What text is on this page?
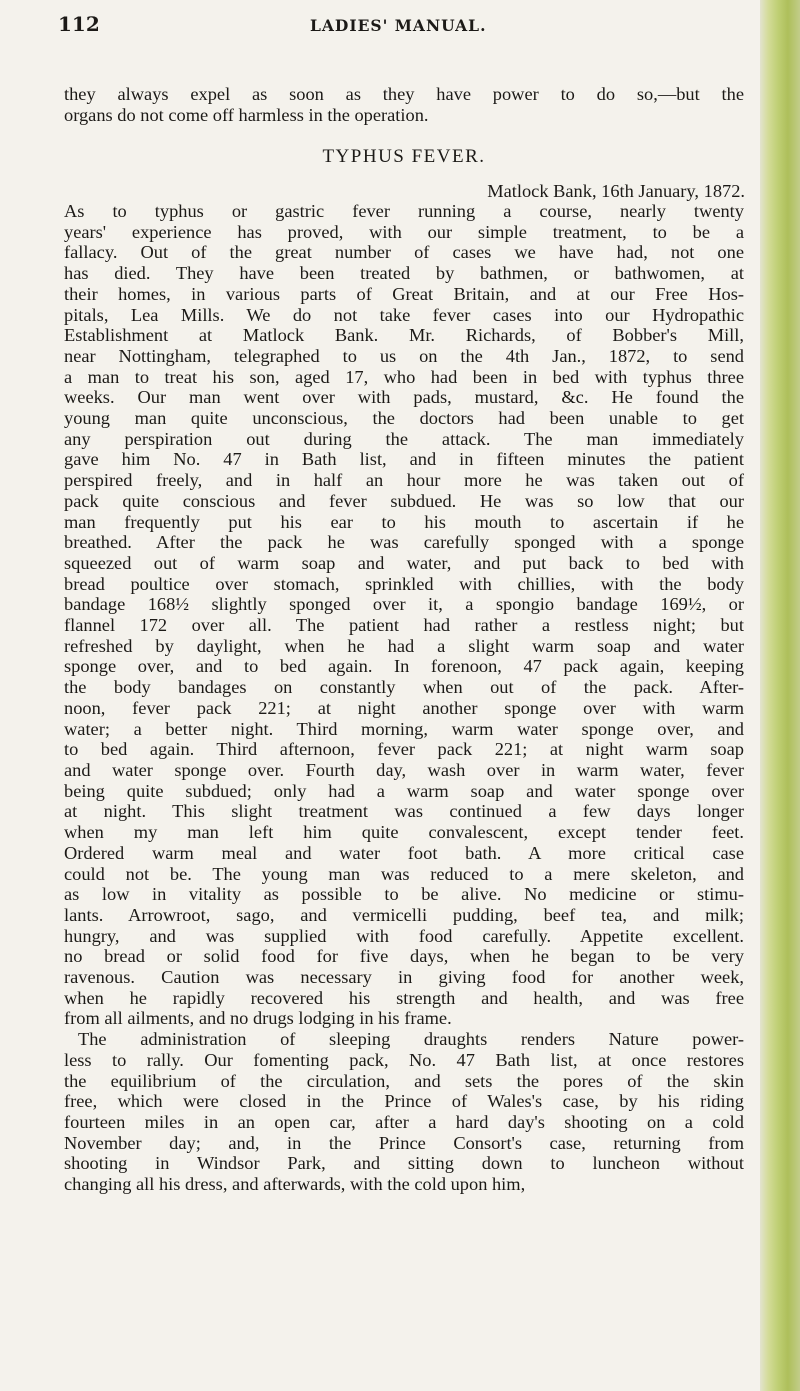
112	LADIES' MANUAL.

they always expel as soon as they have power to do so,—but the

organs do not come off harmless in the operation.

TYPHUS FEVER.
Matlock Bank, 16th January, 1872.

As to typhus or gastric fever running a course, nearly twenty

years' experience has proved, with our simple treatment, to be a

fallacy. Out of the great number of cases we have had, not one

has died. They have been treated by bathmen, or bathwomen, at

their homes, in various parts of Great Britain, and at our Free Hos-

pitals, Lea Mills. We do not take fever cases into our Hydropathic

Establishment at Matlock Bank. Mr. Richards, of Bobber's Mill,

near Nottingham, telegraphed to us on the 4th Jan., 1872, to send

a man to treat his son, aged 17, who had been in bed with typhus three

weeks. Our man went over with pads, mustard, &c. He found the

young man quite unconscious, the doctors had been unable to get

any perspiration out during the attack. The man immediately

gave him No. 47 in Bath list, and in fifteen minutes the patient

perspired freely, and in half an hour more he was taken out of

pack quite conscious and fever subdued. He was so low that our

man frequently put his ear to his mouth to ascertain if he

breathed. After the pack he was carefully sponged with a sponge

squeezed out of warm soap and water, and put back to bed with

bread poultice over stomach, sprinkled with chillies, with the body

bandage 168½ slightly sponged over it, a spongio bandage 169½, or

flannel 172 over all. The patient had rather a restless night; but

refreshed by daylight, when he had a slight warm soap and water

sponge over, and to bed again. In forenoon, 47 pack again, keeping

the body bandages on constantly when out of the pack. After-

noon, fever pack 221; at night another sponge over with warm

water; a better night. Third morning, warm water sponge over, and

to bed again. Third afternoon, fever pack 221; at night warm soap

and water sponge over. Fourth day, wash over in warm water, fever

being quite subdued; only had a warm soap and water sponge over

at night. This slight treatment was continued a few days longer

when my man left him quite convalescent, except tender feet.

Ordered warm meal and water foot bath. A more critical case

could not be. The young man was reduced to a mere skeleton, and

as low in vitality as possible to be alive. No medicine or stimu-

lants. Arrowroot, sago, and vermicelli pudding, beef tea, and milk;

hungry, and was supplied with food carefully. Appetite excellent.

no bread or solid food for five days, when he began to be very

ravenous. Caution was necessary in giving food for another week,

when he rapidly recovered his strength and health, and was free

from all ailments, and no drugs lodging in his frame.

The administration of sleeping draughts renders Nature power-

less to rally. Our fomenting pack, No. 47 Bath list, at once restores

the equilibrium of the circulation, and sets the pores of the skin

free, which were closed in the Prince of Wales's case, by his riding

fourteen miles in an open car, after a hard day's shooting on a cold

November day; and, in the Prince Consort's case, returning from

shooting in Windsor Park, and sitting down to luncheon without

changing all his dress, and afterwards, with the cold upon him,
